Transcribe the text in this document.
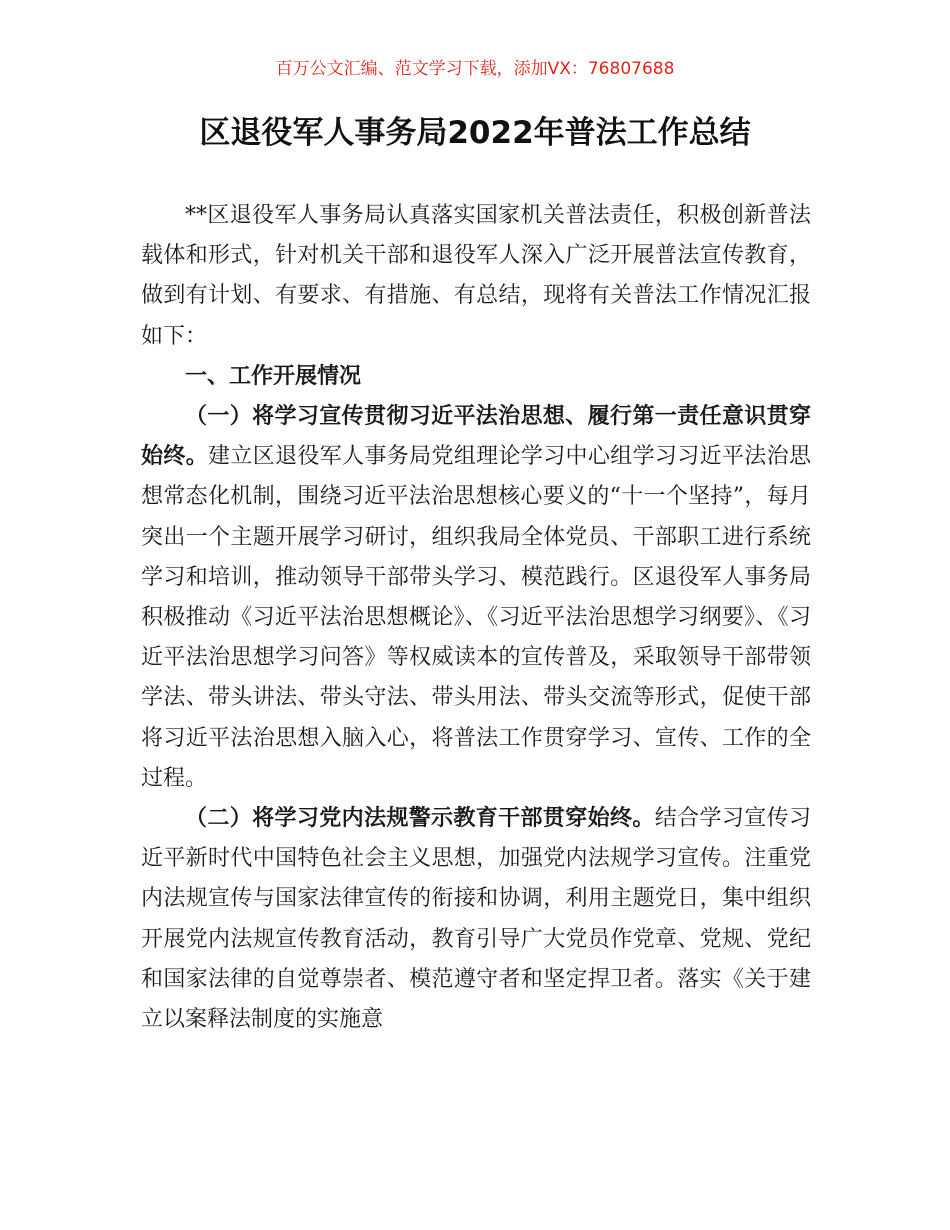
百万公文汇编、范文学习下载，添加VX：76807688
区退役军人事务局2022年普法工作总结

**区退役军人事务局认真落实国家机关普法责任，积极创新普法载体和形式，针对机关干部和退役军人深入广泛开展普法宣传教育，做到有计划、有要求、有措施、有总结，现将有关普法工作情况汇报如下：

一、工作开展情况

（一）将学习宣传贯彻习近平法治思想、履行第一责任意识贯穿始终。建立区退役军人事务局党组理论学习中心组学习习近平法治思想常态化机制，围绕习近平法治思想核心要义的“十一个坚持”，每月突出一个主题开展学习研讨，组织我局全体党员、干部职工进行系统学习和培训，推动领导干部带头学习、模范践行。区退役军人事务局积极推动《习近平法治思想概论》、《习近平法治思想学习纲要》、《习近平法治思想学习问答》等权威读本的宣传普及，采取领导干部带领学法、带头讲法、带头守法、带头用法、带头交流等形式，促使干部将习近平法治思想入脑入心，将普法工作贯穿学习、宣传、工作的全过程。

（二）将学习党内法规警示教育干部贯穿始终。结合学习宣传习近平新时代中国特色社会主义思想，加强党内法规学习宣传。注重党内法规宣传与国家法律宣传的衔接和协调，利用主题党日，集中组织开展党内法规宣传教育活动，教育引导广大党员作党章、党规、党纪和国家法律的自觉尊崇者、模范遵守者和坚定捍卫者。落实《关于建立以案释法制度的实施意
